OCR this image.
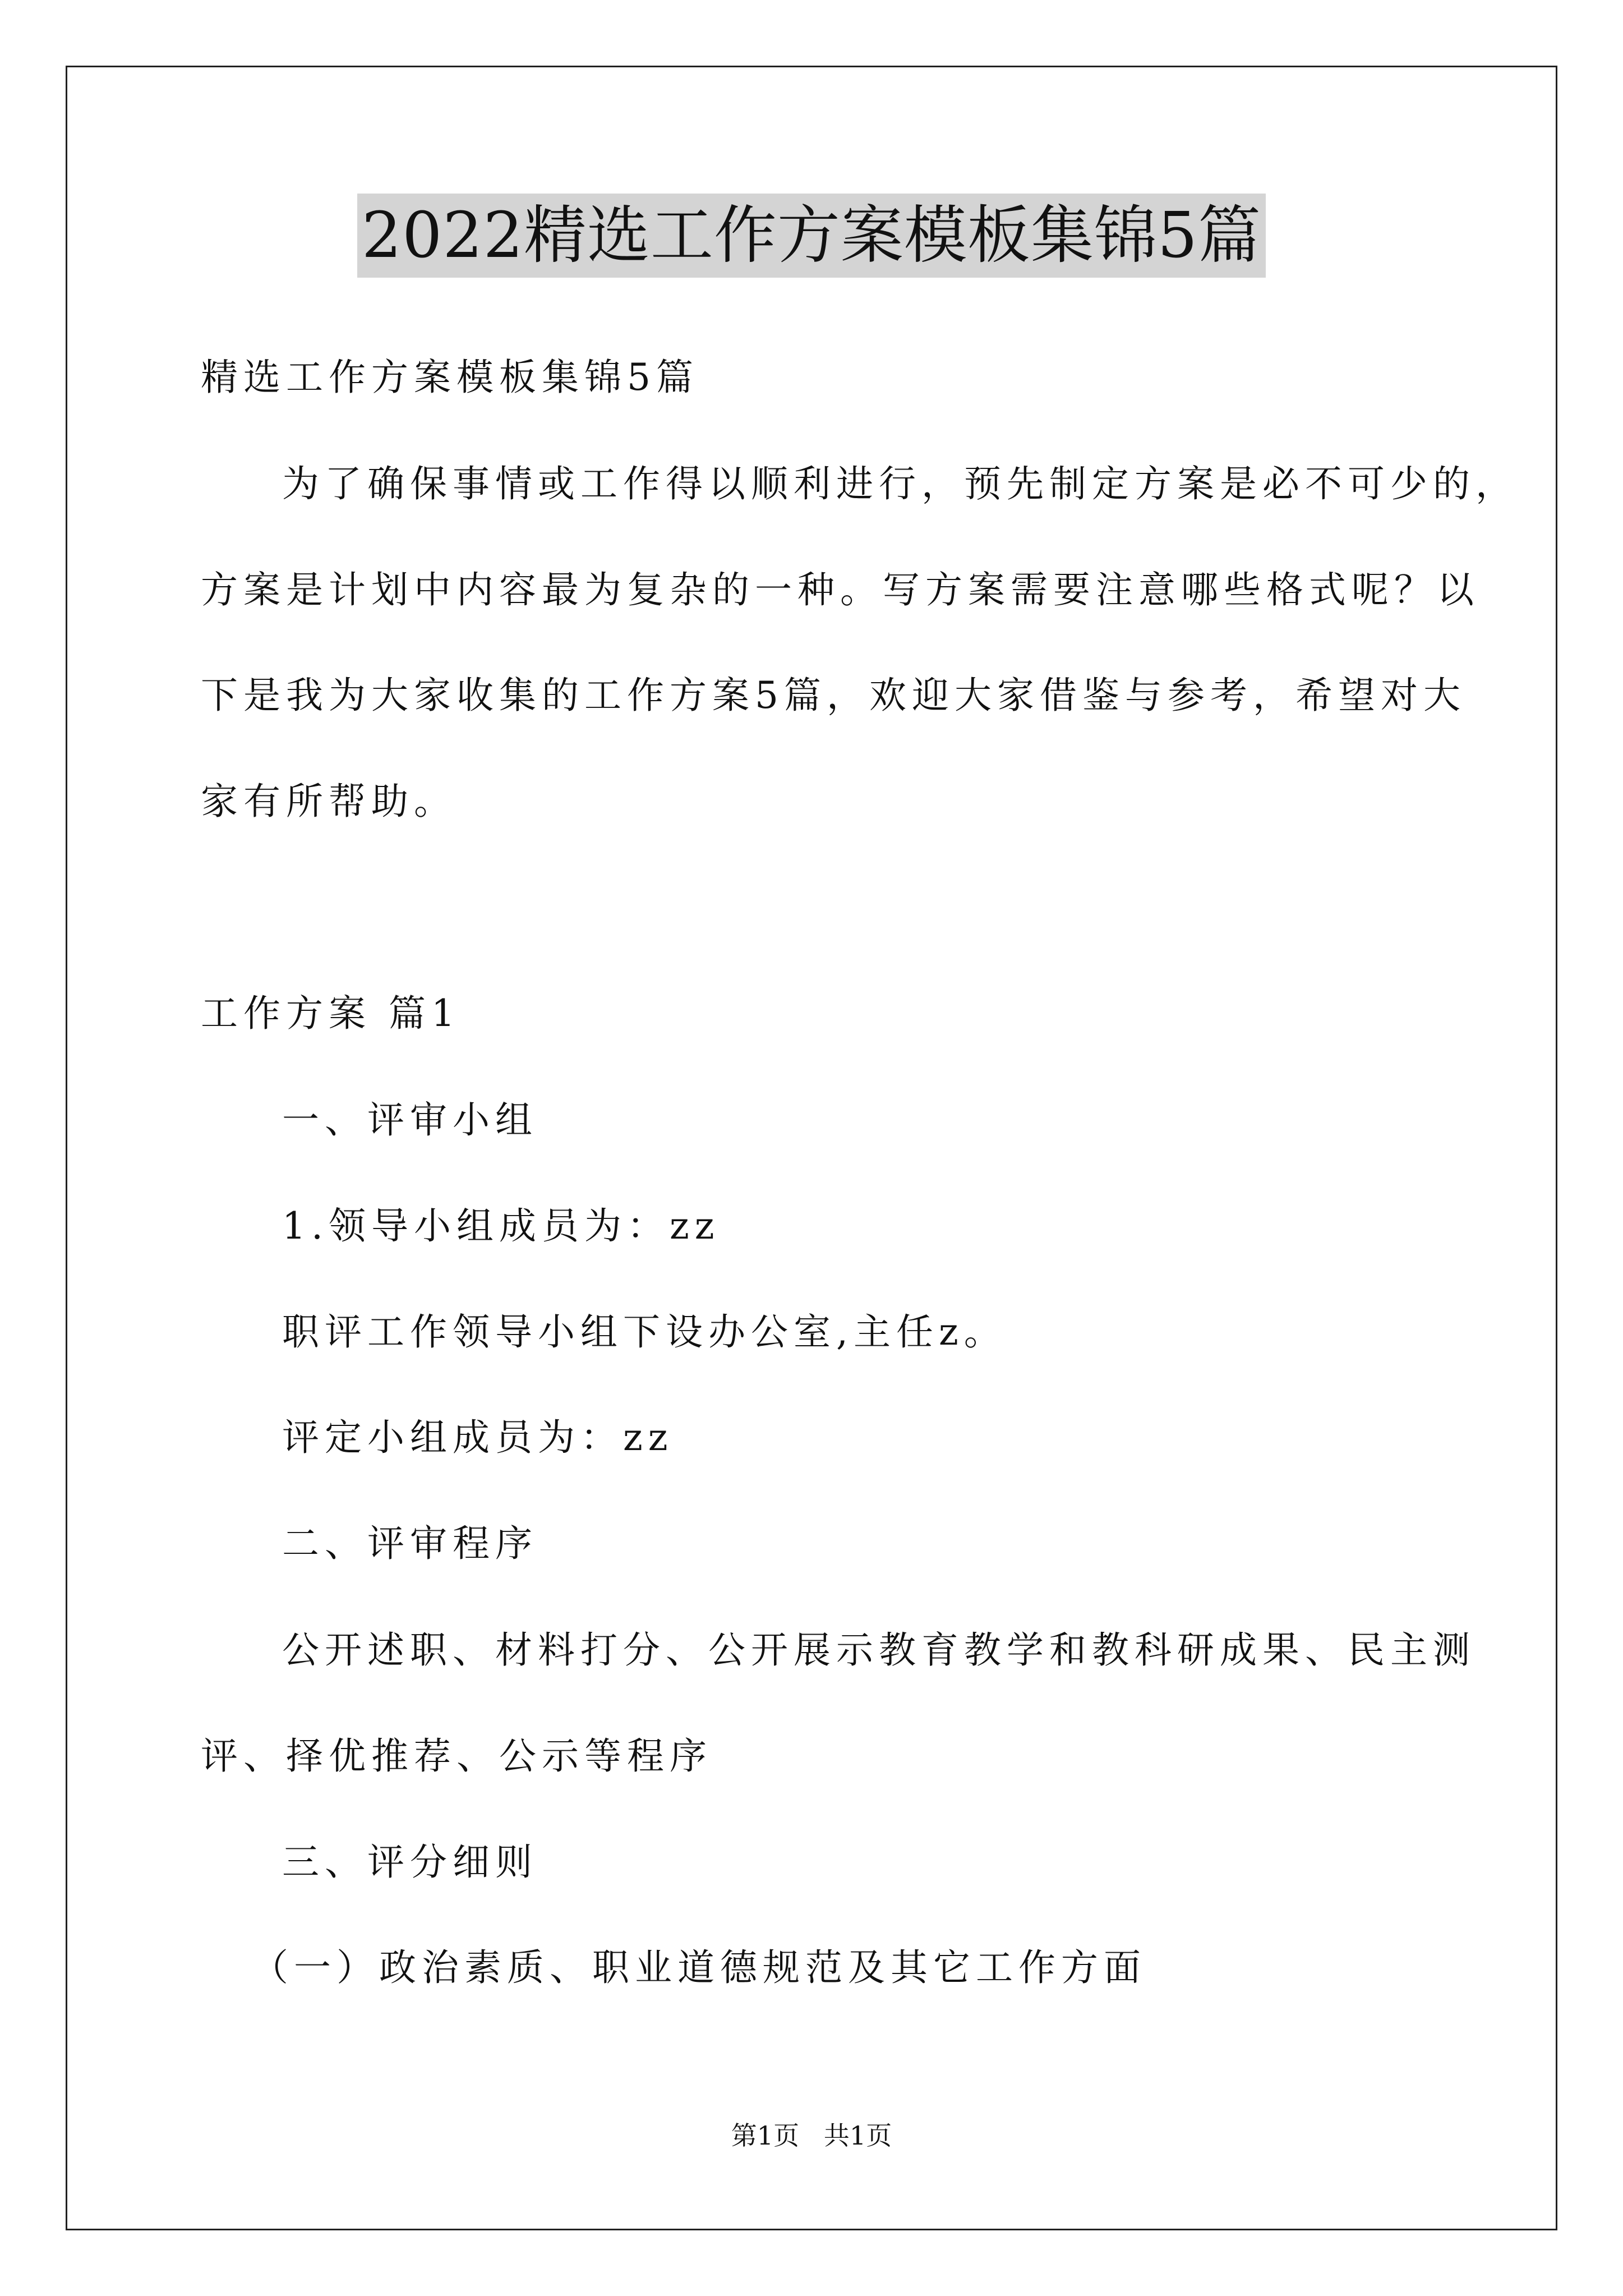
2022精选工作方案模板集锦5篇

精选工作方案模板集锦5篇

为了确保事情或工作得以顺利进行，预先制定方案是必不可少的，

方案是计划中内容最为复杂的一种。写方案需要注意哪些格式呢？以

下是我为大家收集的工作方案5篇，欢迎大家借鉴与参考，希望对大

家有所帮助。

工作方案 篇1

一、评审小组

1.领导小组成员为：zz

职评工作领导小组下设办公室,主任z。

评定小组成员为：zz

二、评审程序

公开述职、材料打分、公开展示教育教学和教科研成果、民主测

评、择优推荐、公示等程序

三、评分细则

（一）政治素质、职业道德规范及其它工作方面

第1页   共1页
